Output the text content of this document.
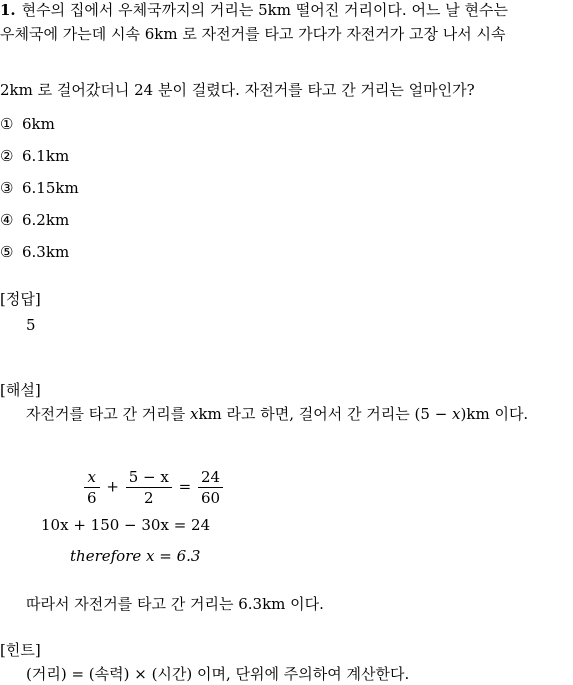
1. 현수의 집에서 우체국까지의 거리는 5km 떨어진 거리이다. 어느 날 현수는
우체국에 가는데 시속 6km 로 자전거를 타고 가다가 자전거가 고장 나서 시속
2km 로 걸어갔더니 24 분이 걸렸다. 자전거를 타고 간 거리는 얼마인가?
① 6km
② 6.1km
③ 6.15km
④ 6.2km
⑤ 6.3km
[정답]
5
[해설]
자전거를 타고 간 거리를 xkm 라고 하면, 걸어서 간 거리는 (5 − x)km 이다.
$\frac{x}{6} + \frac{5 - x}{2} = \frac{24}{60}$
10x + 150 − 30x = 24
therefore x = 6.3
따라서 자전거를 타고 간 거리는 6.3km 이다.
[힌트]
(거리) = (속력) × (시간) 이며, 단위에 주의하여 계산한다.
